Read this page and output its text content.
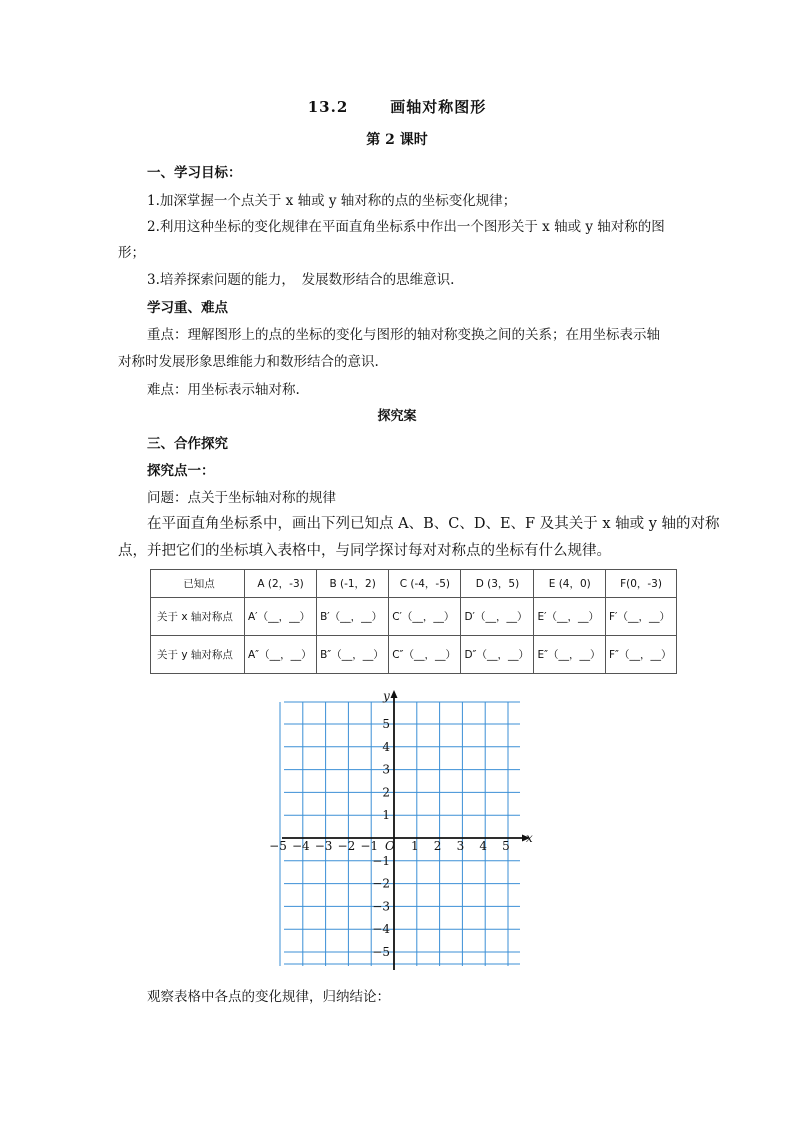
13.2	画轴对称图形
第 2 课时
一、学习目标：
1.加深掌握一个点关于 x 轴或 y 轴对称的点的坐标变化规律；
2.利用这种坐标的变化规律在平面直角坐标系中作出一个图形关于 x 轴或 y 轴对称的图
形；
3.培养探索问题的能力，　发展数形结合的思维意识.
学习重、难点
重点：理解图形上的点的坐标的变化与图形的轴对称变换之间的关系；在用坐标表示轴
对称时发展形象思维能力和数形结合的意识.
难点：用坐标表示轴对称.
探究案
三、合作探究
探究点一：
问题：点关于坐标轴对称的规律
在平面直角坐标系中，画出下列已知点 A、B、C、D、E、F 及其关于 x 轴或 y 轴的对称
点，并把它们的坐标填入表格中，与同学探讨每对对称点的坐标有什么规律。
已知点	A (2，-3)	B (-1，2)	C (-4，-5)	D (3，5)	E (4，0)	F(0，-3)
关于 x 轴对称点	A′（__，__）	B′（__，__）	C′（__，__）	D′（__，__）	E′（__，__）	F′（__，__）
关于 y 轴对称点	A″（__，__）	B″（__，__）	C″（__，__）	D″（__，__）	E″（__，__）	F″（__，__）
−5 −4 −3 −2 −1	1 2 3 4 5
5
4
3
2
1
−1
−2
−3
−4
−5
O
x
y
观察表格中各点的变化规律，归纳结论：
